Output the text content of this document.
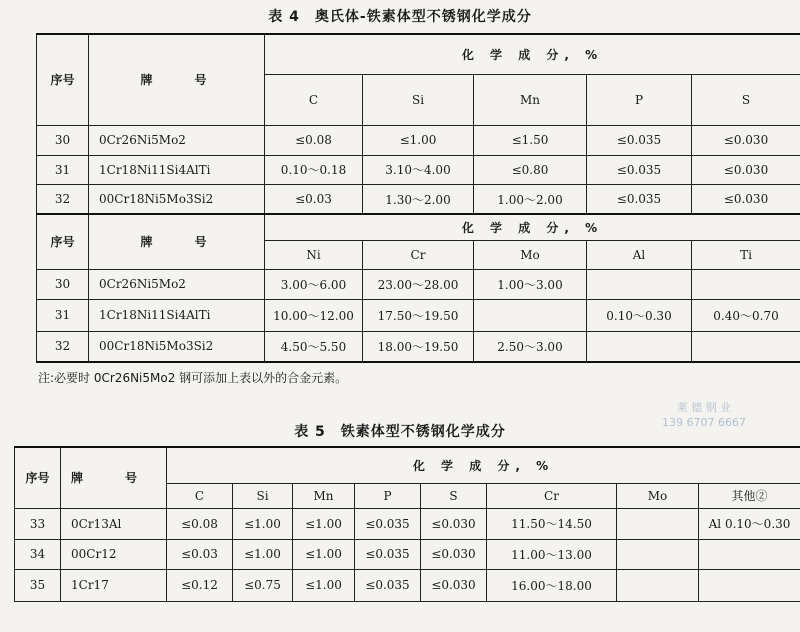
表 4　奥氏体-铁素体型不锈钢化学成分
序号	牌　　号	化 学 成 分, %				
		C	Si	Mn	P	S
30	0Cr26Ni5Mo2	≤0.08	≤1.00	≤1.50	≤0.035	≤0.030
31	1Cr18Ni11Si4AlTi	0.10～0.18	3.10～4.00	≤0.80	≤0.035	≤0.030
32	00Cr18Ni5Mo3Si2	≤0.03	1.30～2.00	1.00～2.00	≤0.035	≤0.030
序号	牌　　号	化 学 成 分, %				
		Ni	Cr	Mo	Al	Ti
30	0Cr26Ni5Mo2	3.00～6.00	23.00～28.00	1.00～3.00		
31	1Cr18Ni11Si4AlTi	10.00～12.00	17.50～19.50		0.10～0.30	0.40～0.70
32	00Cr18Ni5Mo3Si2	4.50～5.50	18.00～19.50	2.50～3.00		
注:必要时 0Cr26Ni5Mo2 钢可添加上表以外的合金元素。
莱 德 钢 业
139 6707 6667
表 5　铁素体型不锈钢化学成分
序号	牌　　号	化 学 成 分, %							
		C	Si	Mn	P	S	Cr	Mo	其他②
33	0Cr13Al	≤0.08	≤1.00	≤1.00	≤0.035	≤0.030	11.50～14.50		Al 0.10～0.30
34	00Cr12	≤0.03	≤1.00	≤1.00	≤0.035	≤0.030	11.00～13.00		
35	1Cr17	≤0.12	≤0.75	≤1.00	≤0.035	≤0.030	16.00～18.00		
